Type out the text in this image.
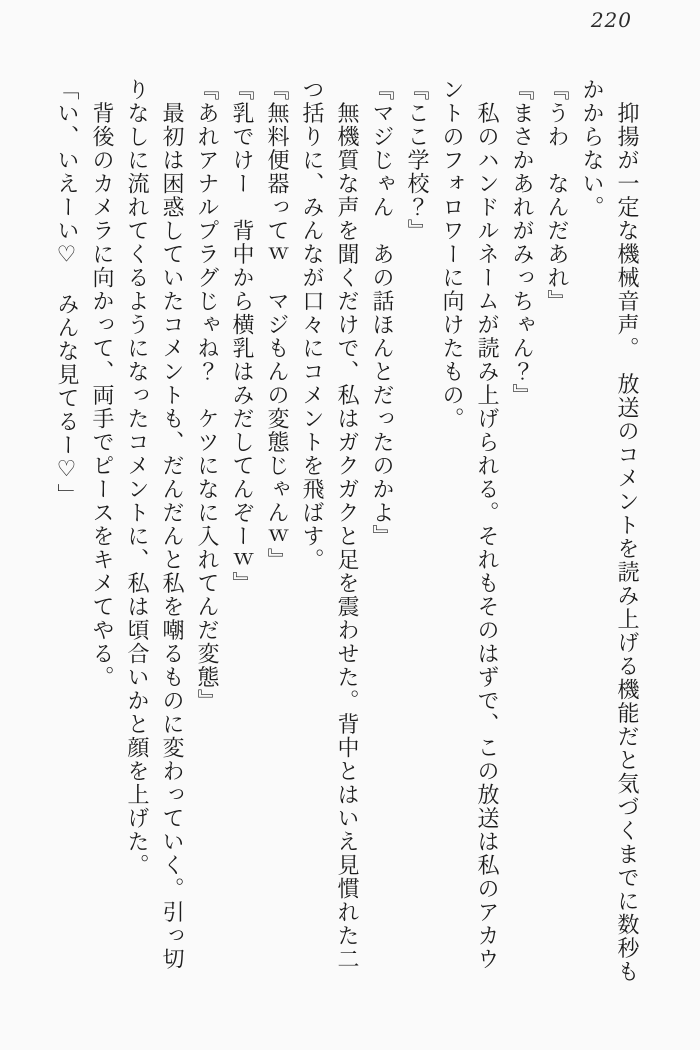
220

　抑揚が一定な機械音声。　放送のコメントを読み上げる機能だと気づくまでに数秒も

かからない。

『うわ　なんだあれ』

『まさかあれがみっちゃん？』

　私のハンドルネームが読み上げられる。それもそのはずで、この放送は私のアカウ

ントのフォロワーに向けたもの。

『ここ学校？』

『マジじゃん　あの話ほんとだったのかよ』

　無機質な声を聞くだけで、私はガクガクと足を震わせた。背中とはいえ見慣れた二

つ括りに、みんなが口々にコメントを飛ばす。

『無料便器ってｗ　マジもんの変態じゃんｗ』

『乳でけー　背中から横乳はみだしてんぞーｗ』

『あれアナルプラグじゃね？　ケツになに入れてんだ変態』

　最初は困惑していたコメントも、だんだんと私を嘲るものに変わっていく。引っ切

りなしに流れてくるようになったコメントに、私は頃合いかと顔を上げた。

　背後のカメラに向かって、両手でピースをキメてやる。

「い、いえーい♡　みんな見てるー♡」
